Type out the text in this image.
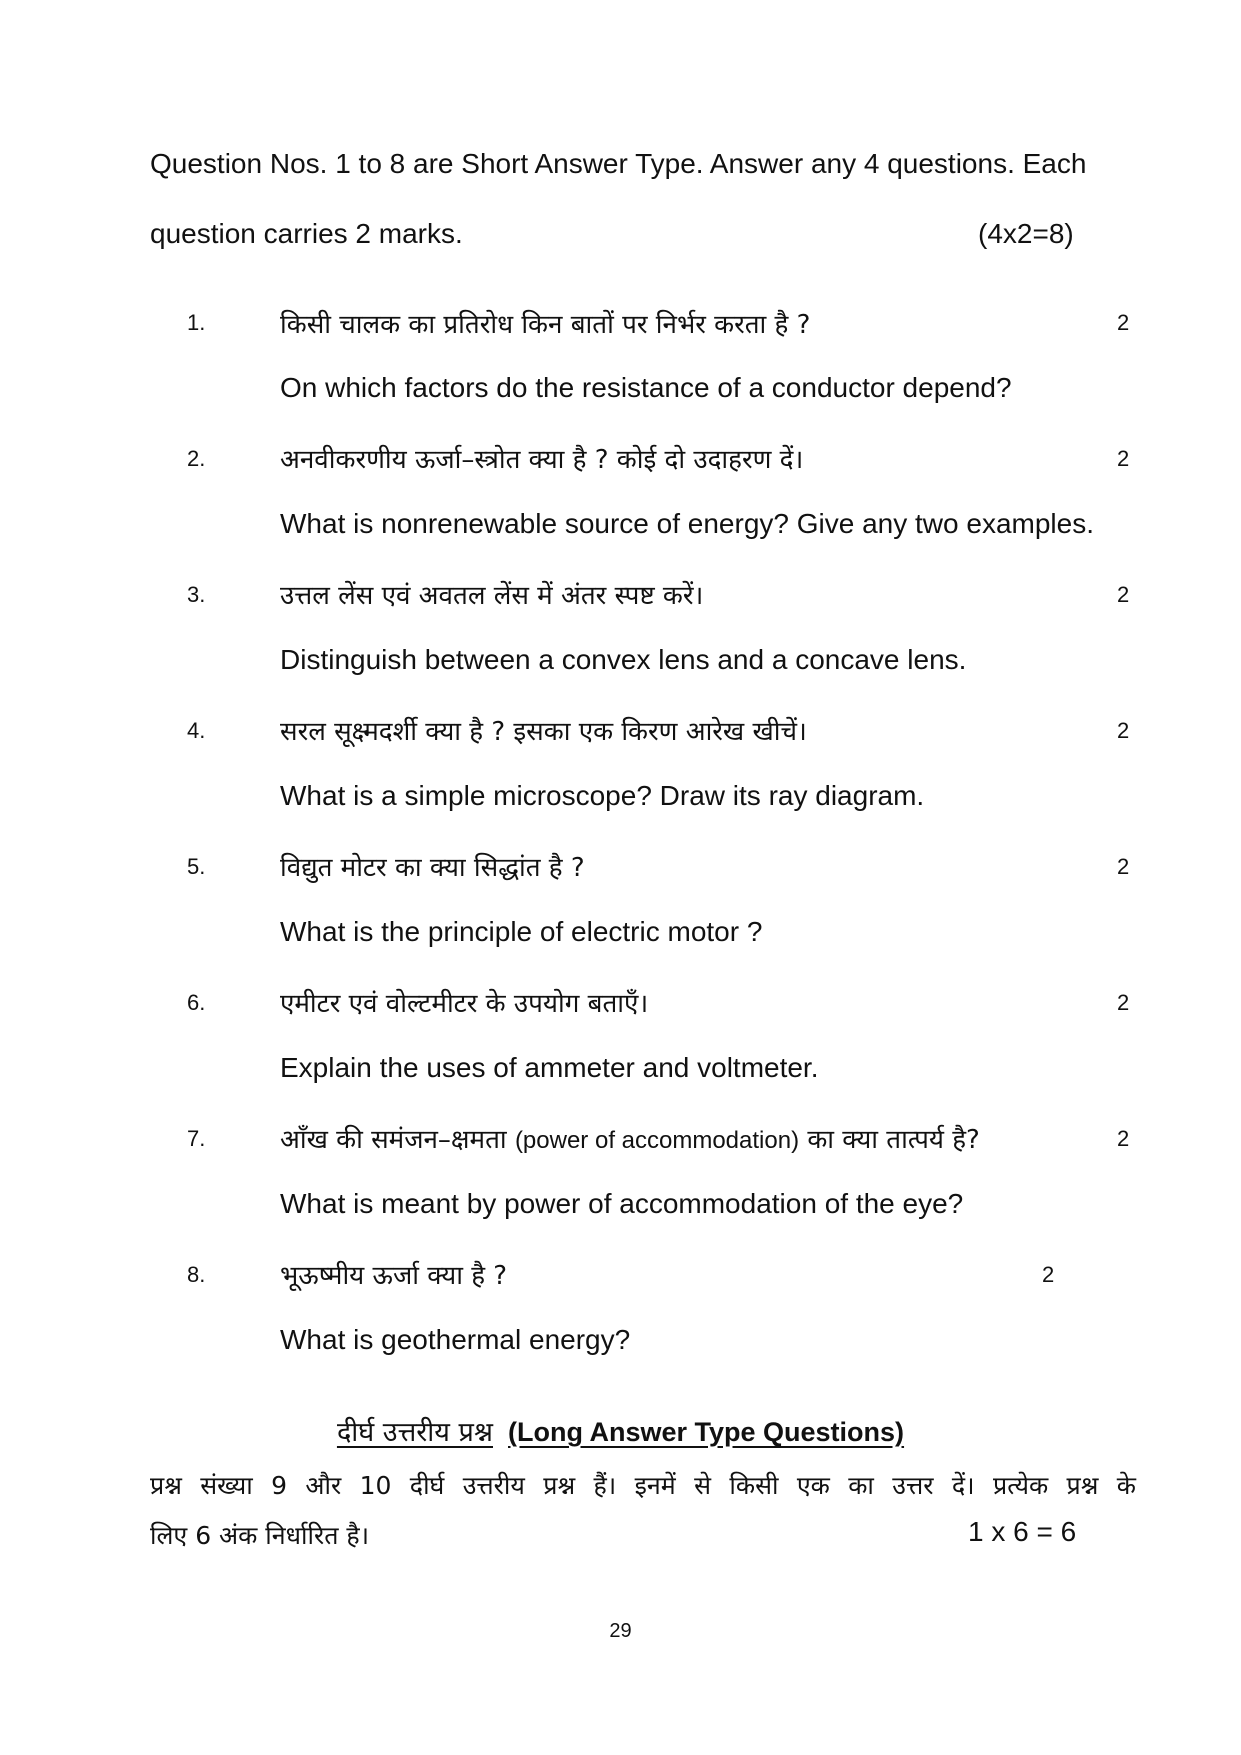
Question Nos. 1 to 8 are Short Answer Type. Answer any 4 questions. Each
question carries 2 marks.	(4x2=8)
1.	किसी चालक का प्रतिरोध किन बातों पर निर्भर करता है ?	2
On which factors do the resistance of a conductor depend?
2.	अनवीकरणीय ऊर्जा–स्त्रोत क्या है ? कोई दो उदाहरण दें।	2
What is nonrenewable source of energy? Give any two examples.
3.	उत्तल लेंस एवं अवतल लेंस में अंतर स्पष्ट करें।	2
Distinguish between a convex lens and a concave lens.
4.	सरल सूक्ष्मदर्शी क्या है ? इसका एक किरण आरेख खीचें।	2
What is a simple microscope? Draw its ray diagram.
5.	विद्युत मोटर का क्या सिद्धांत है ?	2
What is the principle of electric motor ?
6.	एमीटर एवं वोल्टमीटर के उपयोग बताएँ।	2
Explain the uses of ammeter and voltmeter.
7.	आँख की समंजन–क्षमता (power of accommodation) का क्या तात्पर्य है?	2
What is meant by power of accommodation of the eye?
8.	भूऊष्मीय ऊर्जा क्या है ?	2
What is geothermal energy?
दीर्घ उत्तरीय प्रश्न (Long Answer Type Questions)
प्रश्न संख्या 9 और 10 दीर्घ उत्तरीय प्रश्न हैं। इनमें से किसी एक का उत्तर दें। प्रत्येक प्रश्न के
लिए 6 अंक निर्धारित है।	1 x 6 = 6
29
